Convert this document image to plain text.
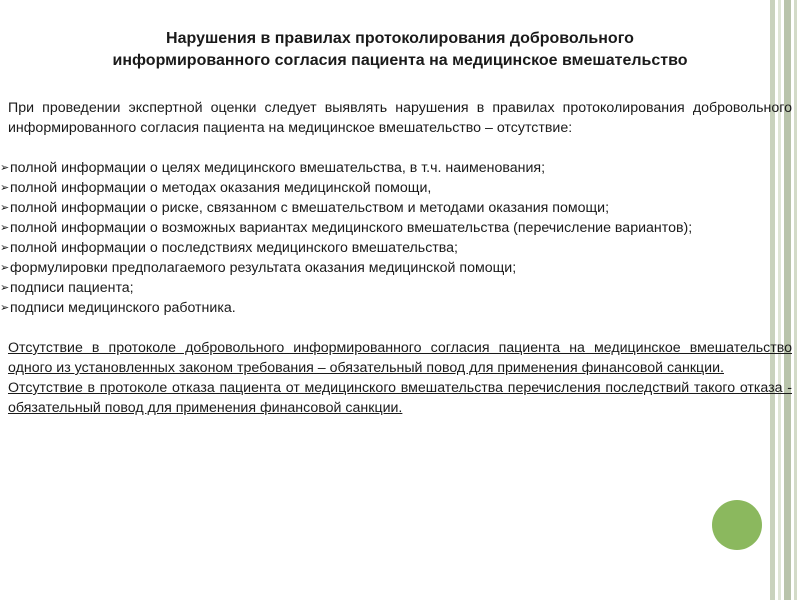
Нарушения в правилах протоколирования добровольного
информированного согласия пациента на медицинское вмешательство

При проведении экспертной оценки следует выявлять нарушения в правилах протоколирования добровольного информированного согласия пациента на медицинское вмешательство – отсутствие:

➢ полной информации о целях медицинского вмешательства, в т.ч. наименования;
➢ полной информации о методах оказания медицинской помощи,
➢ полной информации о риске, связанном с вмешательством и методами оказания помощи;
➢ полной информации о возможных вариантах медицинского вмешательства (перечисление вариантов);
➢ полной информации о последствиях медицинского вмешательства;
➢ формулировки предполагаемого результата оказания медицинской помощи;
➢ подписи пациента;
➢ подписи медицинского работника.

Отсутствие в протоколе добровольного информированного согласия пациента на медицинское вмешательство одного из установленных законом требования – обязательный повод для применения финансовой санкции.

Отсутствие в протоколе отказа пациента от медицинского вмешательства перечисления последствий такого отказа - обязательный повод для применения финансовой санкции.
